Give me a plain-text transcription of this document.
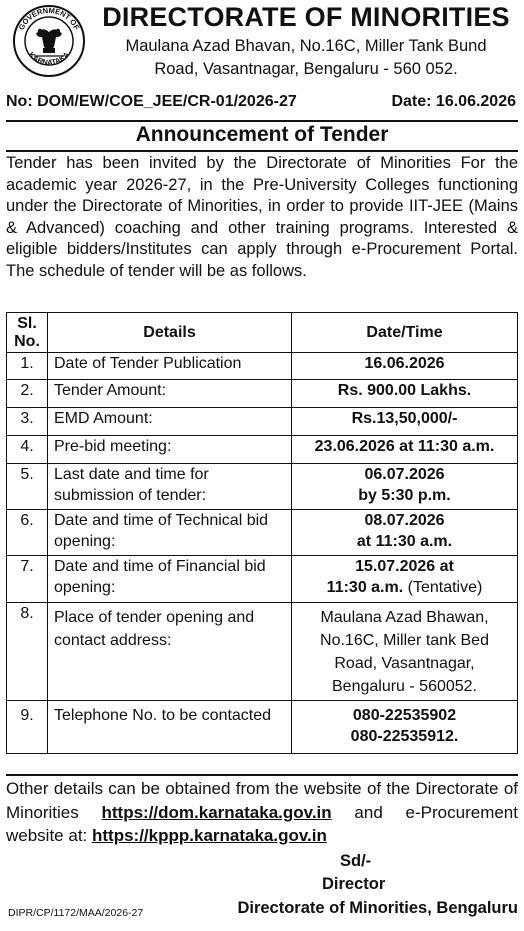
GOVERNMENT OF
KARNATAKA
DIRECTORATE OF MINORITIES
Maulana Azad Bhavan, No.16C, Miller Tank Bund
Road, Vasantnagar, Bengaluru - 560 052.
No: DOM/EW/COE_JEE/CR-01/2026-27	Date: 16.06.2026
Announcement of Tender
Tender has been invited by the Directorate of Minorities For the academic year 2026-27, in the Pre-University Colleges functioning under the Directorate of Minorities, in order to provide IIT-JEE (Mains & Advanced) coaching and other training programs. Interested & eligible bidders/Institutes can apply through e-Procurement Portal. The schedule of tender will be as follows.
Sl. No.	Details	Date/Time
1.	Date of Tender Publication	16.06.2026
2.	Tender Amount:	Rs. 900.00 Lakhs.
3.	EMD Amount:	Rs.13,50,000/-
4.	Pre-bid meeting:	23.06.2026 at 11:30 a.m.
5.	Last date and time for submission of tender:	06.07.2026
by 5:30 p.m.

6.	Date and time of Technical bid opening:	08.07.2026
at 11:30 a.m.

7.	Date and time of Financial bid opening:	15.07.2026 at
11:30 a.m. (Tentative)

8.	Place of tender opening and contact address:	Maulana Azad Bhawan,
No.16C, Miller tank Bed
Road, Vasantnagar,
Bengaluru - 560052.

9.	Telephone No. to be contacted	080-22535902
080-22535912.
Other details can be obtained from the website of the Directorate of Minorities https://dom.karnataka.gov.in and e-Procurement website at: https://kppp.karnataka.gov.in
Sd/-
Director
Directorate of Minorities, Bengaluru
DIPR/CP/1172/MAA/2026-27
